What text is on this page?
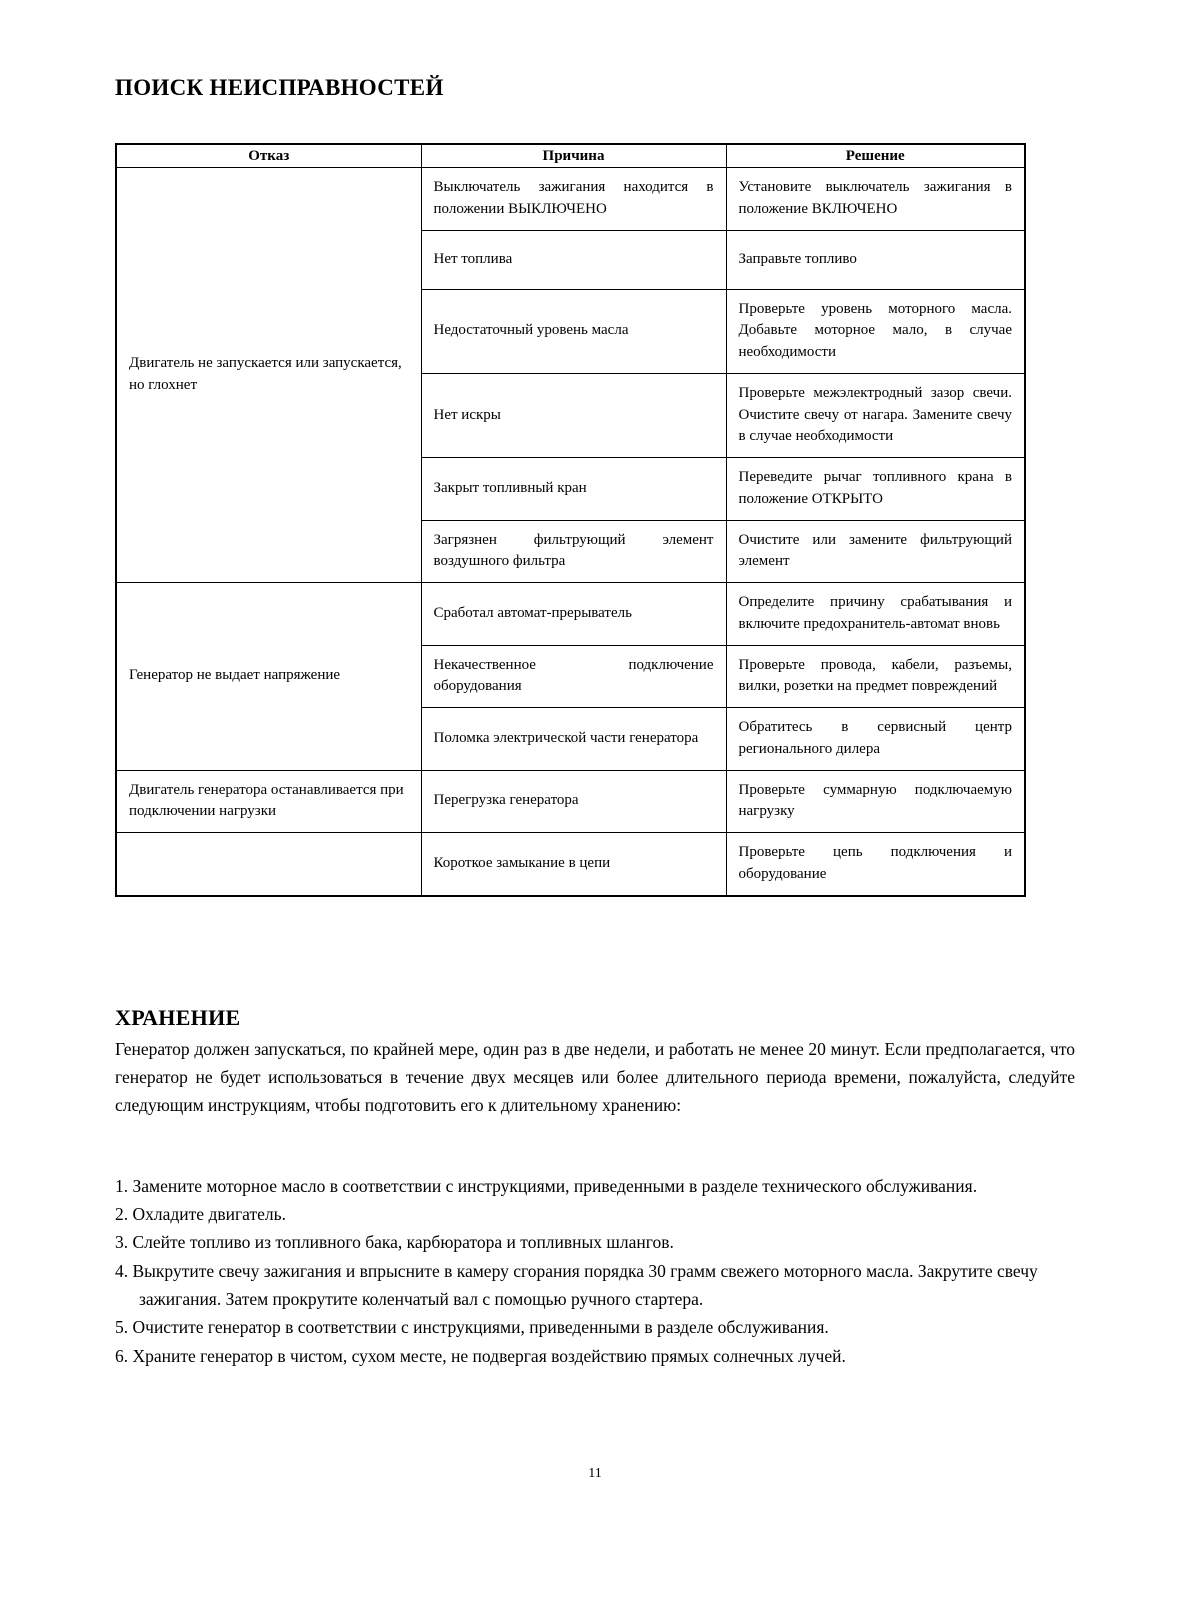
ПОИСК НЕИСПРАВНОСТЕЙ
Отказ	Причина	Решение
Двигатель не запускается или запускается, но глохнет	Выключатель зажигания находится в положении ВЫКЛЮЧЕНО	Установите выключатель зажигания в положение ВКЛЮЧЕНО
	Нет топлива	Заправьте топливо
	Недостаточный уровень масла	Проверьте уровень моторного масла. Добавьте моторное мало, в случае необходимости
	Нет искры	Проверьте межэлектродный зазор свечи. Очистите свечу от нагара. Замените свечу в случае необходимости
	Закрыт топливный кран	Переведите рычаг топливного крана в положение ОТКРЫТО
	Загрязнен фильтрующий элемент воздушного фильтра	Очистите или замените фильтрующий элемент
Генератор не выдает напряжение	Сработал автомат-прерыватель	Определите причину срабатывания и включите предохранитель-автомат вновь
	Некачественное подключение оборудования	Проверьте провода, кабели, разъемы, вилки, розетки на предмет повреждений
	Поломка электрической части генератора	Обратитесь в сервисный центр регионального дилера
Двигатель генератора останавливается при подключении нагрузки	Перегрузка генератора	Проверьте суммарную подключаемую нагрузку
	Короткое замыкание в цепи	Проверьте цепь подключения и оборудование
ХРАНЕНИЕ

Генератор должен запускаться, по крайней мере, один раз в две недели, и работать не менее 20 минут. Если предполагается, что генератор не будет использоваться в течение двух месяцев или более длительного периода времени, пожалуйста, следуйте следующим инструкциям, чтобы подготовить его к длительному хранению:

Замените моторное масло в соответствии с инструкциями, приведенными в разделе технического обслуживания.
Охладите двигатель.
Слейте топливо из топливного бака, карбюратора и топливных шлангов.
Выкрутите свечу зажигания и впрысните в камеру сгорания порядка 30 грамм свежего моторного масла. Закрутите свечу зажигания. Затем прокрутите коленчатый вал с помощью ручного стартера.
Очистите генератор в соответствии с инструкциями, приведенными в разделе обслуживания.
Храните генератор в чистом, сухом месте, не подвергая воздействию прямых солнечных лучей.
11
